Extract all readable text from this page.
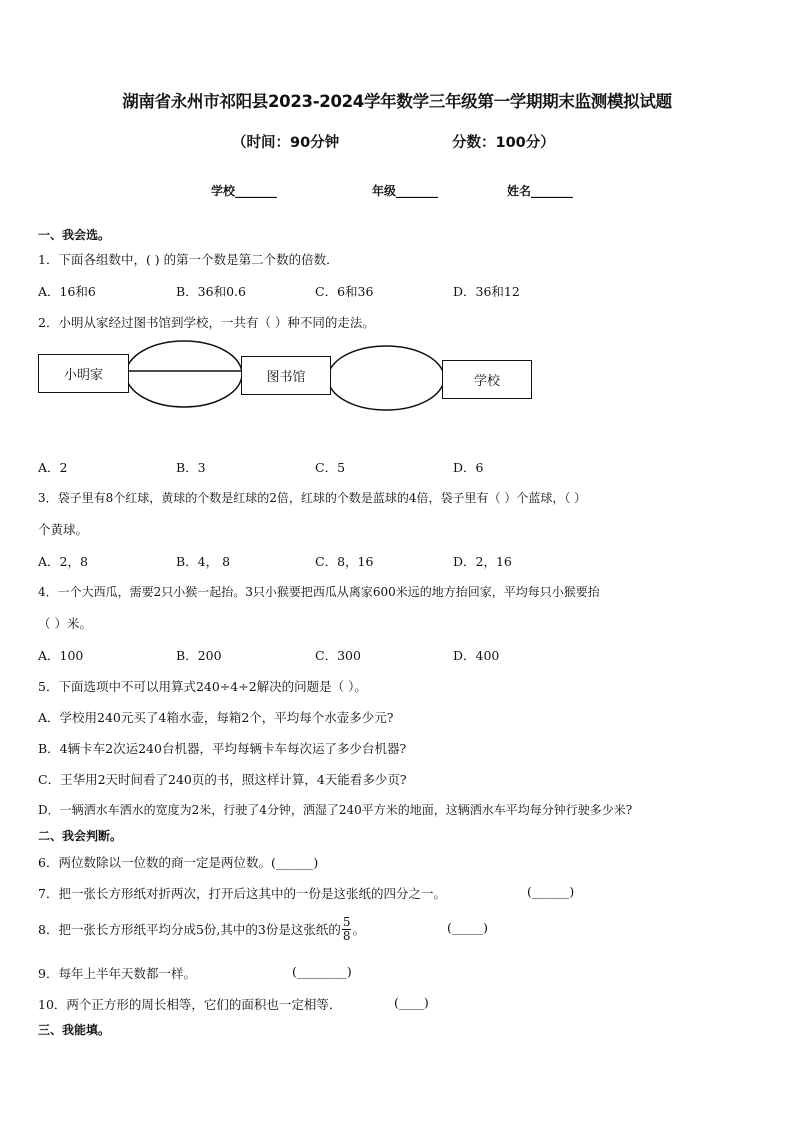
湖南省永州市祁阳县2023-2024学年数学三年级第一学期期末监测模拟试题
（时间：90分钟	分数：100分）
学校_______	年级_______	姓名_______
一、我会选。
1．下面各组数中，( ) 的第一个数是第二个数的倍数．
A．16和6	B．36和0.6	C．6和36	D．36和12
2．小明从家经过图书馆到学校，一共有（ ）种不同的走法。
小明家	图书馆	学校
A．2	B．3	C．5	D．6
3．袋子里有8个红球，黄球的个数是红球的2倍，红球的个数是蓝球的4倍，袋子里有（ ）个蓝球，（ ）
个黄球。
A．2，8	B．4， 8	C．8，16	D．2，16
4．一个大西瓜，需要2只小猴一起抬。3只小猴要把西瓜从离家600米远的地方抬回家，平均每只小猴要抬
（ ）米。
A．100	B．200	C．300	D．400
5．下面选项中不可以用算式240÷4÷2解决的问题是（ ）。
A．学校用240元买了4箱水壶，每箱2个，平均每个水壶多少元?
B．4辆卡车2次运240台机器，平均每辆卡车每次运了多少台机器?
C．王华用2天时间看了240页的书，照这样计算，4天能看多少页?
D．一辆洒水车洒水的宽度为2米，行驶了4分钟，洒湿了240平方米的地面，这辆洒水车平均每分钟行驶多少米?
二、我会判断。
6．两位数除以一位数的商一定是两位数。(______)
7．把一张长方形纸对折两次，打开后这其中的一份是这张纸的四分之一。	(______)
8．把一张长方形纸平均分成5份,其中的3份是这张纸的 $\frac{5}{8}$ 。	(_____)
9．每年上半年天数都一样。	(________)
10．两个正方形的周长相等，它们的面积也一定相等．	(____)
三、我能填。
